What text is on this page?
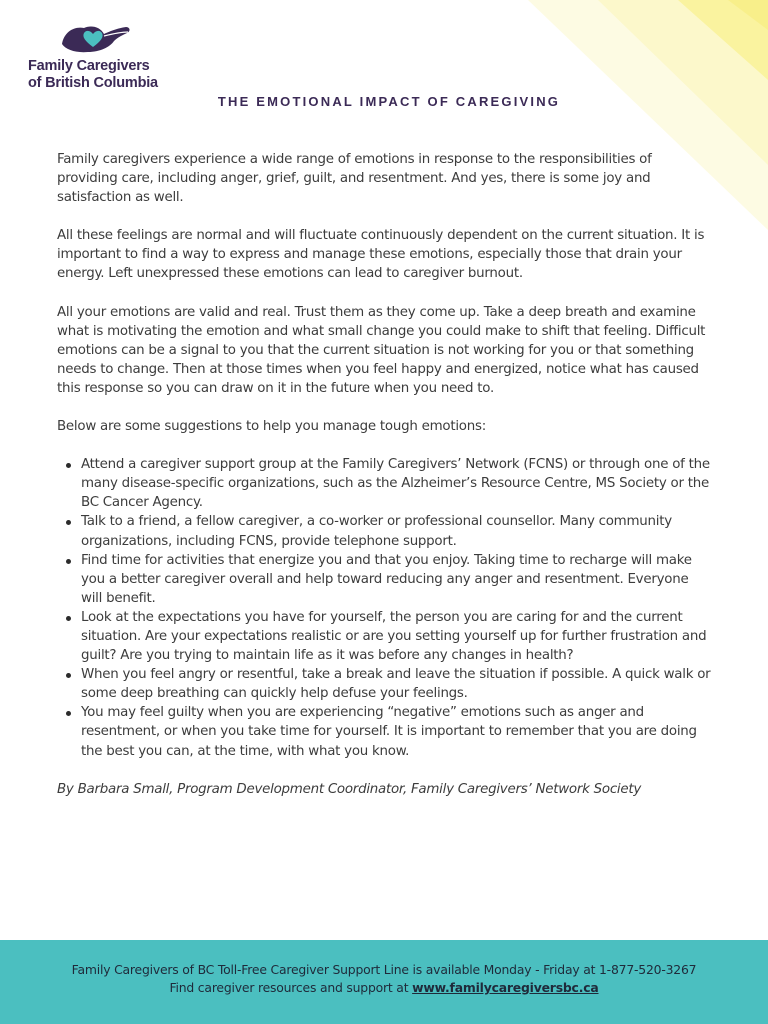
Family Caregivers
of British Columbia
THE EMOTIONAL IMPACT OF CAREGIVING

Family caregivers experience a wide range of emotions in response to the responsibilities of providing care, including anger, grief, guilt, and resentment. And yes, there is some joy and satisfaction as well.

All these feelings are normal and will fluctuate continuously dependent on the current situation. It is important to find a way to express and manage these emotions, especially those that drain your energy. Left unexpressed these emotions can lead to caregiver burnout.

All your emotions are valid and real. Trust them as they come up. Take a deep breath and examine what is motivating the emotion and what small change you could make to shift that feeling. Difficult emotions can be a signal to you that the current situation is not working for you or that something needs to change. Then at those times when you feel happy and energized, notice what has caused this response so you can draw on it in the future when you need to.

Below are some suggestions to help you manage tough emotions:

Attend a caregiver support group at the Family Caregivers’ Network (FCNS) or through one of the many disease-specific organizations, such as the Alzheimer’s Resource Centre, MS Society or the BC Cancer Agency.
Talk to a friend, a fellow caregiver, a co-worker or professional counsellor. Many community organizations, including FCNS, provide telephone support.
Find time for activities that energize you and that you enjoy. Taking time to recharge will make you a better caregiver overall and help toward reducing any anger and resentment. Everyone will benefit.
Look at the expectations you have for yourself, the person you are caring for and the current situation. Are your expectations realistic or are you setting yourself up for further frustration and guilt? Are you trying to maintain life as it was before any changes in health?
When you feel angry or resentful, take a break and leave the situation if possible. A quick walk or some deep breathing can quickly help defuse your feelings.
You may feel guilty when you are experiencing “negative” emotions such as anger and resentment, or when you take time for yourself. It is important to remember that you are doing the best you can, at the time, with what you know.

By Barbara Small, Program Development Coordinator, Family Caregivers’ Network Society

Family Caregivers of BC Toll-Free Caregiver Support Line is available Monday - Friday at 1-877-520-3267
Find caregiver resources and support at www.familycaregiversbc.ca
